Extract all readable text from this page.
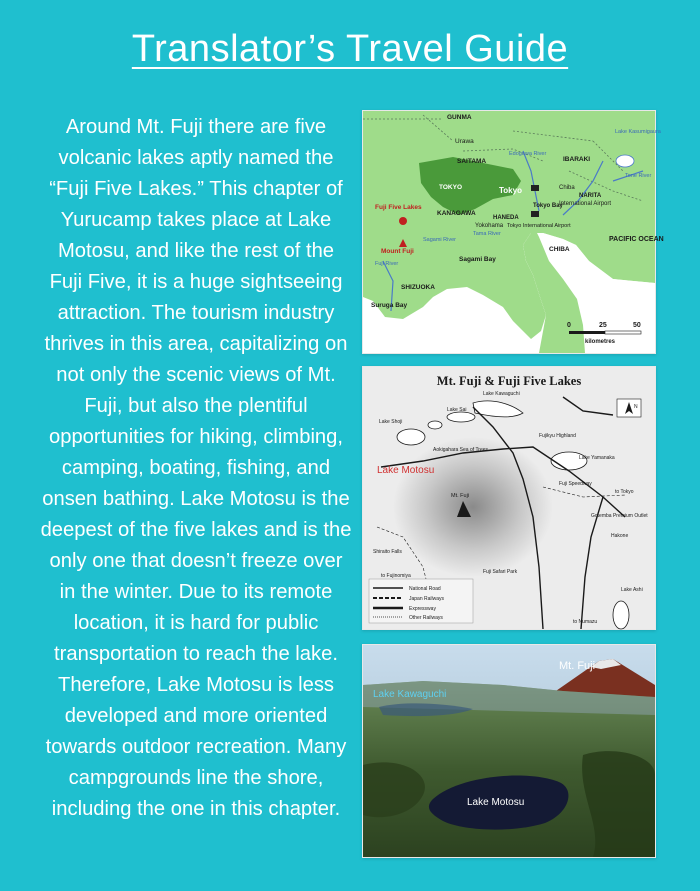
Translator’s Travel Guide
Around Mt. Fuji there are five volcanic lakes aptly named the “Fuji Five Lakes.” This chapter of Yurucamp takes place at Lake Motosu, and like the rest of the Fuji Five, it is a huge sightseeing attraction. The tourism industry thrives in this area, capitalizing on not only the scenic views of Mt. Fuji, but also the plentiful opportunities for hiking, climbing, camping, boating, fishing, and onsen bathing. Lake Motosu is the deepest of the five lakes and is the only one that doesn’t freeze over in the winter. Due to its remote location, it is hard for public transportation to reach the lake. Therefore, Lake Motosu is less developed and more oriented towards outdoor recreation. Many campgrounds line the shore, including the one in this chapter.
GUNMA
Urawa
SAITAMA
TOKYO	Tokyo
Tokyo Bay
IBARAKI
Lake Kasumigaura
Edogawa River
Tone River
Chiba
NARITA
International Airport
HANEDA
Tokyo International Airport
Yokohama
KANAGAWA
Fuji Five Lakes
Mount Fuji
Fuji River
Sagami River
Tama River
Sagami Bay
SHIZUOKA
Suruga Bay
CHIBA
PACIFIC OCEAN
0	25	50
kilometres
Mt. Fuji & Fuji Five Lakes
Mt. Fuji
Lake Motosu
Lake Kawaguchi
Lake Yamanaka
Lake Sai
Lake Shoji
Aokigahara Sea of Trees
Fujikyu Highland
Fuji Speedway
Gotemba Premium Outlet
Fuji Safari Park
Shiraito Falls
Hakone
Lake Ashi
to Tokyo
to Numazu
to Fujinomiya
N
National Road
Japan Railways
Expressway
Other Railways
Mt. Fuji
Lake Kawaguchi
Lake Motosu
